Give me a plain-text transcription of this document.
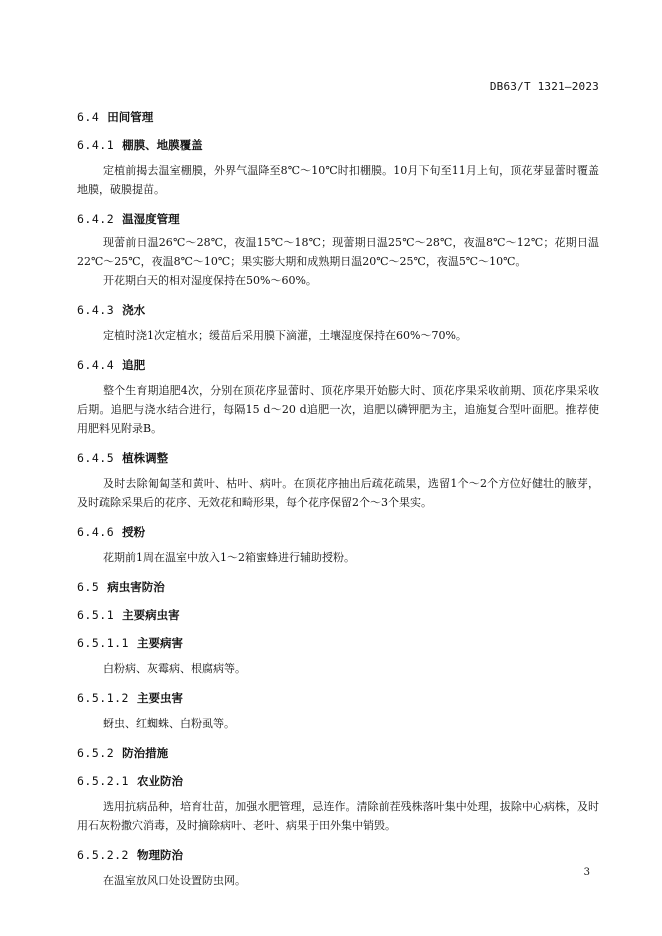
DB63/T 1321—2023
6.4 田间管理
6.4.1 棚膜、地膜覆盖

定植前揭去温室棚膜，外界气温降至8℃～10℃时扣棚膜。10月下旬至11月上旬，顶花芽显蕾时覆盖地膜，破膜提苗。

6.4.2 温湿度管理

现蕾前日温26℃～28℃，夜温15℃～18℃；现蕾期日温25℃～28℃，夜温8℃～12℃；花期日温22℃～25℃，夜温8℃～10℃；果实膨大期和成熟期日温20℃～25℃，夜温5℃～10℃。

开花期白天的相对湿度保持在50%～60%。

6.4.3 浇水

定植时浇1次定植水；缓苗后采用膜下滴灌，土壤湿度保持在60%～70%。

6.4.4 追肥

整个生育期追肥4次，分别在顶花序显蕾时、顶花序果开始膨大时、顶花序果采收前期、顶花序果采收后期。追肥与浇水结合进行，每隔15 d～20 d追肥一次，追肥以磷钾肥为主，追施复合型叶面肥。推荐使用肥料见附录B。

6.4.5 植株调整

及时去除匍匐茎和黄叶、枯叶、病叶。在顶花序抽出后疏花疏果，选留1个～2个方位好健壮的腋芽，及时疏除采果后的花序、无效花和畸形果，每个花序保留2个～3个果实。

6.4.6 授粉

花期前1周在温室中放入1～2箱蜜蜂进行辅助授粉。

6.5 病虫害防治
6.5.1 主要病虫害
6.5.1.1 主要病害

白粉病、灰霉病、根腐病等。

6.5.1.2 主要虫害

蚜虫、红蜘蛛、白粉虱等。

6.5.2 防治措施
6.5.2.1 农业防治

选用抗病品种，培育壮苗，加强水肥管理，忌连作。清除前茬残株落叶集中处理，拔除中心病株，及时用石灰粉撒穴消毒，及时摘除病叶、老叶、病果于田外集中销毁。

6.5.2.2 物理防治

在温室放风口处设置防虫网。

3
